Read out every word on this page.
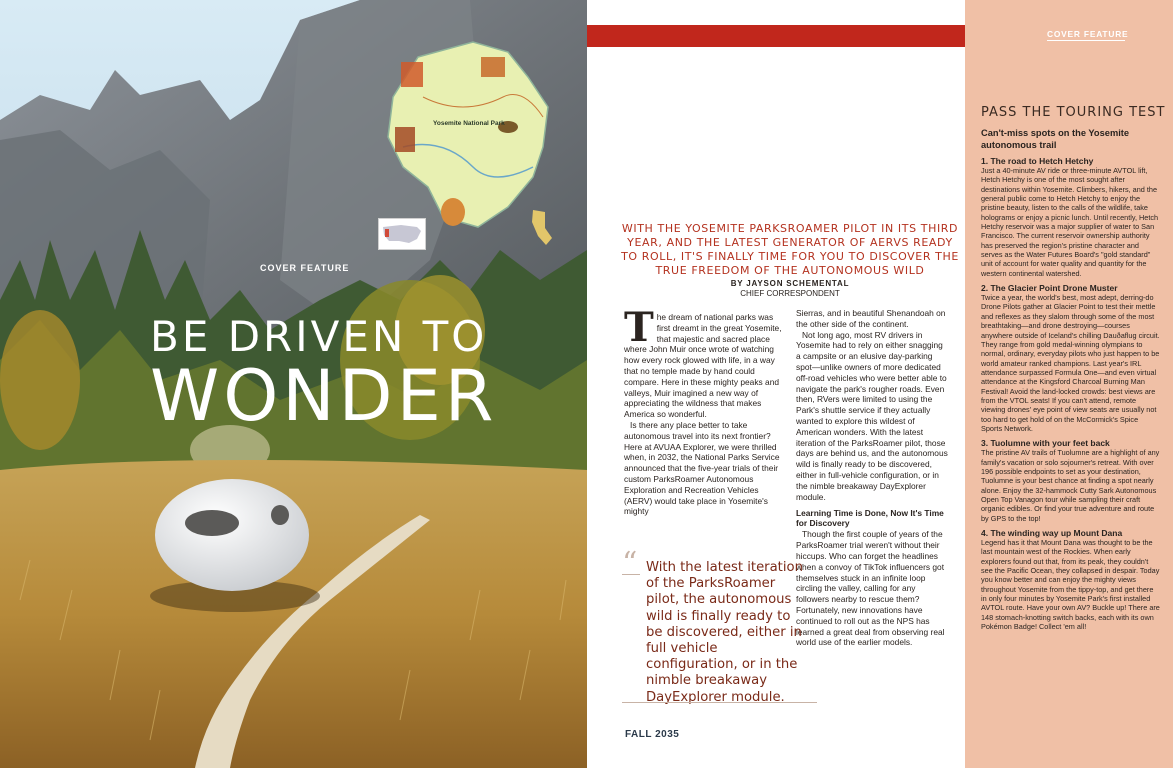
Yosemite National Park
COVER FEATURE
BE DRIVEN TO
WONDER
WITH THE YOSEMITE PARKSROAMER PILOT IN ITS THIRD YEAR, AND THE LATEST GENERATOR OF AERVS READY TO ROLL, IT'S FINALLY TIME FOR YOU TO DISCOVER THE TRUE FREEDOM OF THE AUTONOMOUS WILD
BY JAYSON SCHEMENTAL
CHIEF CORRESPONDENT
T he dream of national parks was first dreamt in the great Yosemite, that majestic and sacred place where John Muir once wrote of watching how every rock glowed with life, in a way that no temple made by hand could compare. Here in these mighty peaks and valleys, Muir imagined a new way of appreciating the wildness that makes America so wonderful.

Is there any place better to take autonomous travel into its next frontier? Here at AVUAA Explorer, we were thrilled when, in 2032, the National Parks Service announced that the five-year trials of their custom ParksRoamer Autonomous Exploration and Recreation Vehicles (AERV) would take place in Yosemite's mighty

Sierras, and in beautiful Shenandoah on the other side of the continent.

Not long ago, most RV drivers in Yosemite had to rely on either snagging a campsite or an elusive day-parking spot—unlike owners of more dedicated off-road vehicles who were better able to navigate the park's rougher roads. Even then, RVers were limited to using the Park's shuttle service if they actually wanted to explore this wildest of American wonders. With the latest iteration of the ParksRoamer pilot, those days are behind us, and the autonomous wild is finally ready to be discovered, either in full-vehicle configuration, or in the nimble breakaway DayExplorer module.

Learning Time is Done, Now It's Time for Discovery

Though the first couple of years of the ParksRoamer trial weren't without their hiccups. Who can forget the headlines when a convoy of TikTok influencers got themselves stuck in an infinite loop circling the valley, calling for any followers nearby to rescue them? Fortunately, new innovations have continued to roll out as the NPS has learned a great deal from observing real world use of the earlier models.

“ With the latest iteration of the ParksRoamer pilot, the autonomous wild is finally ready to be discovered, either in full vehicle configuration, or in the nimble breakaway DayExplorer module.
FALL 2035
COVER FEATURE
PASS THE TOURING TEST
Can't-miss spots on the Yosemite autonomous trail
1. The road to Hetch Hetchy

Just a 40-minute AV ride or three-minute AVTOL lift, Hetch Hetchy is one of the most sought after destinations within Yosemite. Climbers, hikers, and the general public come to Hetch Hetchy to enjoy the pristine beauty, listen to the calls of the wildlife, take holograms or enjoy a picnic lunch. Until recently, Hetch Hetchy reservoir was a major supplier of water to San Francisco. The current reservoir ownership authority has preserved the region's pristine character and serves as the Water Futures Board's "gold standard" unit of account for water quality and quantity for the western continental watershed.

2. The Glacier Point Drone Muster

Twice a year, the world's best, most adept, derring-do Drone Pilots gather at Glacier Point to test their mettle and reflexes as they slalom through some of the most breathtaking—and drone destroying—courses anywhere outside of Iceland's chilling Dauðaflug circuit. They range from gold medal-winning olympians to normal, ordinary, everyday pilots who just happen to be world amateur ranked champions. Last year's IRL attendance surpassed Formula One—and even virtual attendance at the Kingsford Charcoal Burning Man Festival! Avoid the land-locked crowds: best views are from the VTOL seats! If you can't attend, remote viewing drones' eye point of view seats are usually not too hard to get hold of on the McCormick's Spice Sports Network.

3. Tuolumne with your feet back

The pristine AV trails of Tuolumne are a highlight of any family's vacation or solo sojourner's retreat. With over 196 possible endpoints to set as your destination, Tuolumne is your best chance at finding a spot nearly alone. Enjoy the 32-hammock Cutty Sark Autonomous Open Top Vanagon tour while sampling their craft organic edibles. Or find your true adventure and route by GPS to the top!

4. The winding way up Mount Dana

Legend has it that Mount Dana was thought to be the last mountain west of the Rockies. When early explorers found out that, from its peak, they couldn't see the Pacific Ocean, they collapsed in despair. Today you know better and can enjoy the mighty views throughout Yosemite from the tippy-top, and get there in only four minutes by Yosemite Park's first installed AVTOL route. Have your own AV? Buckle up! There are 148 stomach-knotting switch backs, each with its own Pokémon Badge! Collect 'em all!
